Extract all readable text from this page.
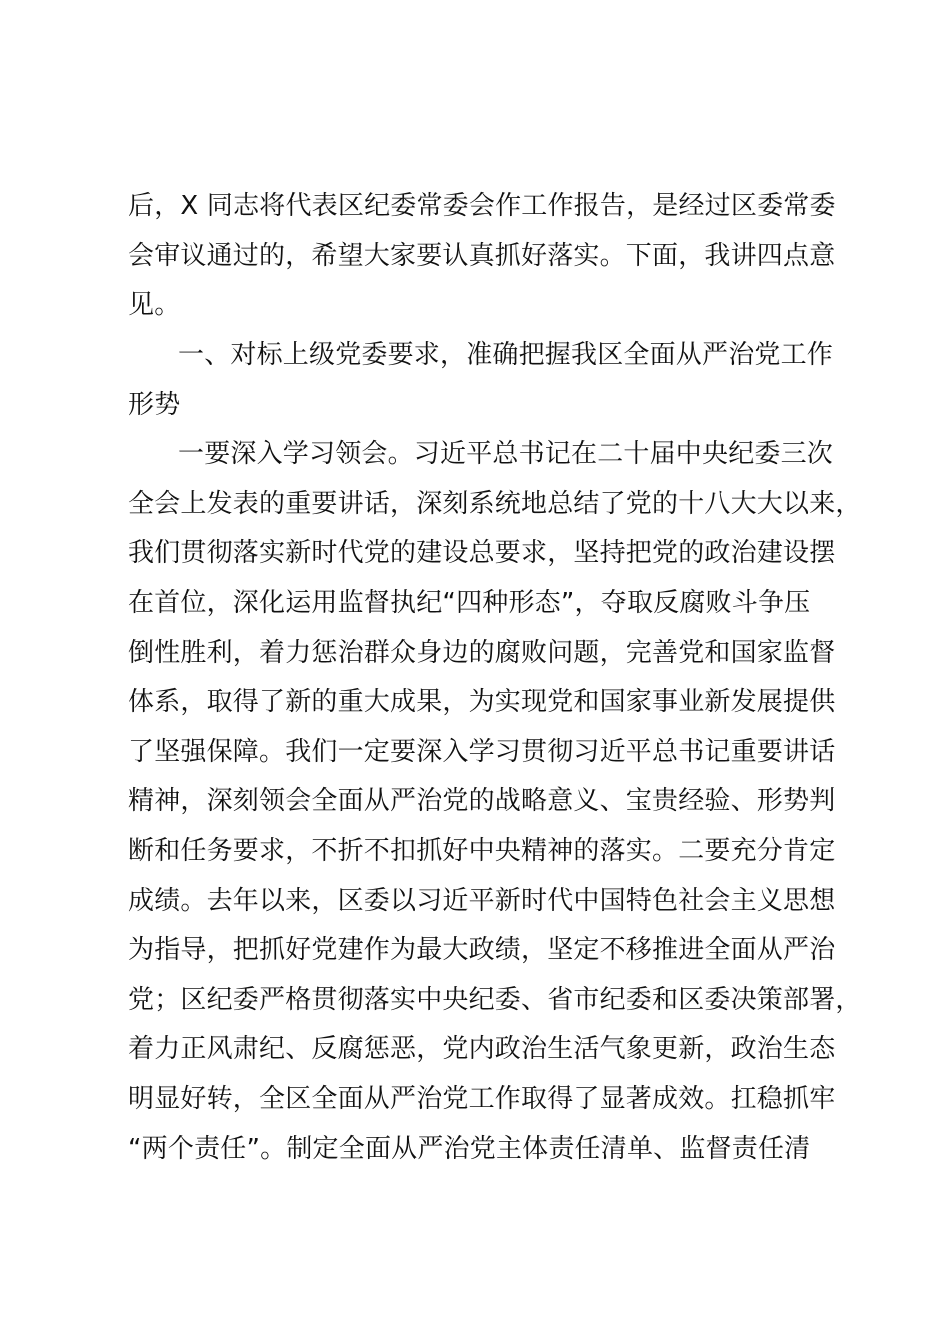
后，X 同志将代表区纪委常委会作工作报告，是经过区委常委
会审议通过的，希望大家要认真抓好落实。下面，我讲四点意
见。
一、对标上级党委要求，准确把握我区全面从严治党工作
形势
一要深入学习领会。习近平总书记在二十届中央纪委三次
全会上发表的重要讲话，深刻系统地总结了党的十八大大以来，
我们贯彻落实新时代党的建设总要求，坚持把党的政治建设摆
在首位，深化运用监督执纪“四种形态”，夺取反腐败斗争压
倒性胜利，着力惩治群众身边的腐败问题，完善党和国家监督
体系，取得了新的重大成果，为实现党和国家事业新发展提供
了坚强保障。我们一定要深入学习贯彻习近平总书记重要讲话
精神，深刻领会全面从严治党的战略意义、宝贵经验、形势判
断和任务要求，不折不扣抓好中央精神的落实。二要充分肯定
成绩。去年以来，区委以习近平新时代中国特色社会主义思想
为指导，把抓好党建作为最大政绩，坚定不移推进全面从严治
党；区纪委严格贯彻落实中央纪委、省市纪委和区委决策部署，
着力正风肃纪、反腐惩恶，党内政治生活气象更新，政治生态
明显好转，全区全面从严治党工作取得了显著成效。扛稳抓牢
“两个责任”。制定全面从严治党主体责任清单、监督责任清
